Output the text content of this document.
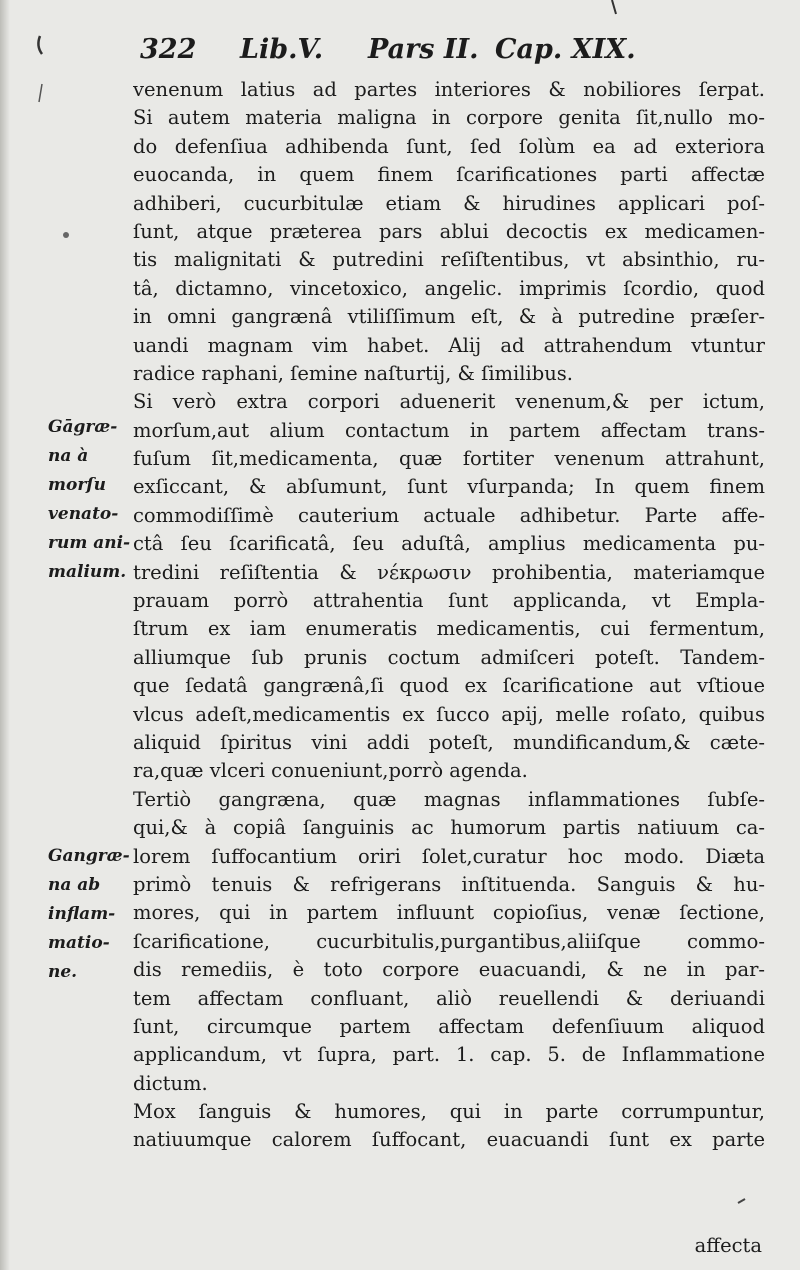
322 Lib.V. Pars II. Cap. XIX.
venenum latius ad partes interiores & nobiliores ſerpat.
Si autem materia maligna in corpore genita ſit,nullo mo-
do defenſiua adhibenda ſunt, ſed ſolùm ea ad exteriora
euocanda, in quem finem ſcarificationes parti affectæ
adhiberi, cucurbitulæ etiam & hirudines applicari poſ-
ſunt, atque præterea pars ablui decoctis ex medicamen-
tis malignitati & putredini reſiſtentibus, vt absinthio, ru-
tâ, dictamno, vincetoxico, angelic. imprimis ſcordio, quod
in omni gangrænâ vtiliſſimum eſt, & à putredine præſer-
uandi magnam vim habet. Alij ad attrahendum vtuntur
radice raphani, ſemine naſturtij, & ſimilibus.
Si verò extra corpori aduenerit venenum,& per ictum,
morſum,aut alium contactum in partem affectam trans-
fuſum ſit,medicamenta, quæ fortiter venenum attrahunt,
exſiccant, & abſumunt, ſunt vſurpanda; In quem finem
commodiſſimè cauterium actuale adhibetur. Parte affe-
ctâ ſeu ſcarificatâ, ſeu aduſtâ, amplius medicamenta pu-
tredini reſiſtentia & νέκρωσιν prohibentia, materiamque
prauam porrò attrahentia ſunt applicanda, vt Empla-
ſtrum ex iam enumeratis medicamentis, cui fermentum,
alliumque ſub prunis coctum admiſceri poteſt. Tandem-
que ſedatâ gangrænâ,ſi quod ex ſcarificatione aut vſtioue
vlcus adeſt,medicamentis ex ſucco apij, melle roſato, quibus
aliquid ſpiritus vini addi poteſt, mundificandum,& cæte-
ra,quæ vlceri conueniunt,porrò agenda.
Tertiò gangræna, quæ magnas inflammationes ſubſe-
qui,& à copiâ ſanguinis ac humorum partis natiuum ca-
lorem ſuffocantium oriri ſolet,curatur hoc modo. Diæta
primò tenuis & refrigerans inſtituenda. Sanguis & hu-
mores, qui in partem influunt copioſius, venæ ſectione,
ſcarificatione, cucurbitulis,purgantibus,aliiſque commo-
dis remediis, è toto corpore euacuandi, & ne in par-
tem affectam confluant, aliò reuellendi & deriuandi
ſunt, circumque partem affectam defenſiuum aliquod
applicandum, vt ſupra, part. 1. cap. 5. de Inflammatione
dictum.
Mox ſanguis & humores, qui in parte corrumpuntur,
natiuumque calorem ſuffocant, euacuandi ſunt ex parte
Gāgræ-
na à
morſu
venato-
rum ani-
malium.
Gangræ-
na ab
inflam-
matio-
ne.
affecta
